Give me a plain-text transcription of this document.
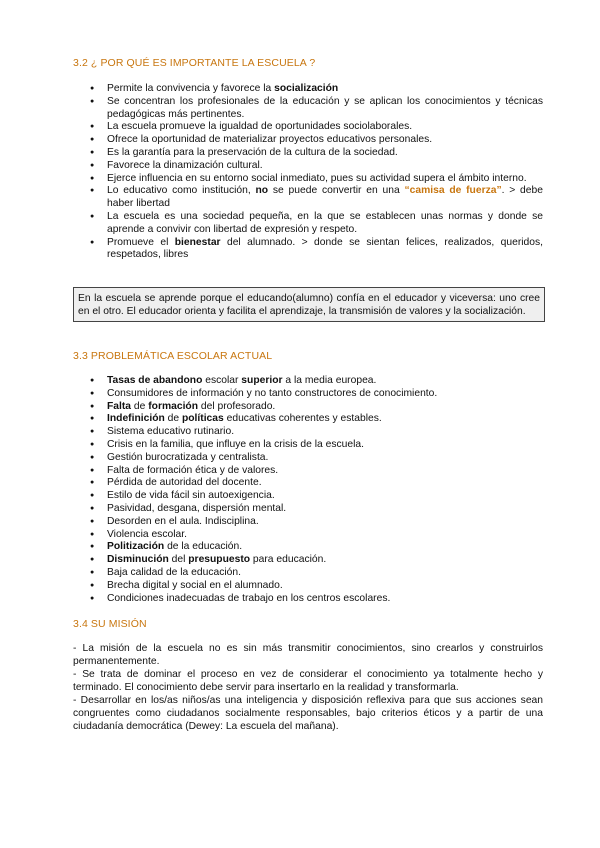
3.2 ¿ POR QUÉ ES IMPORTANTE LA ESCUELA ?
● Permite la convivencia y favorece la socialización
● Se concentran los profesionales de la educación y se aplican los conocimientos y técnicas pedagógicas más pertinentes.
● La escuela promueve la igualdad de oportunidades sociolaborales.
● Ofrece la oportunidad de materializar proyectos educativos personales.
● Es la garantía para la preservación de la cultura de la sociedad.
● Favorece la dinamización cultural.
● Ejerce influencia en su entorno social inmediato, pues su actividad supera el ámbito interno.
● Lo educativo como institución, no se puede convertir en una “camisa de fuerza”. > debe haber libertad
● La escuela es una sociedad pequeña, en la que se establecen unas normas y donde se aprende a convivir con libertad de expresión y respeto.
● Promueve el bienestar del alumnado. > donde se sientan felices, realizados, queridos, respetados, libres
En la escuela se aprende porque el educando(alumno) confía en el educador y viceversa: uno cree en el otro. El educador orienta y facilita el aprendizaje, la transmisión de valores y la socialización.
3.3 PROBLEMÁTICA ESCOLAR ACTUAL
● Tasas de abandono escolar superior a la media europea.
● Consumidores de información y no tanto constructores de conocimiento.
● Falta de formación del profesorado.
● Indefinición de políticas educativas coherentes y estables.
● Sistema educativo rutinario.
● Crisis en la familia, que influye en la crisis de la escuela.
● Gestión burocratizada y centralista.
● Falta de formación ética y de valores.
● Pérdida de autoridad del docente.
● Estilo de vida fácil sin autoexigencia.
● Pasividad, desgana, dispersión mental.
● Desorden en el aula. Indisciplina.
● Violencia escolar.
● Politización de la educación.
● Disminución del presupuesto para educación.
● Baja calidad de la educación.
● Brecha digital y social en el alumnado.
● Condiciones inadecuadas de trabajo en los centros escolares.
3.4 SU MISIÓN

- La misión de la escuela no es sin más transmitir conocimientos, sino crearlos y construirlos permanentemente.

- Se trata de dominar el proceso en vez de considerar el conocimiento ya totalmente hecho y terminado. El conocimiento debe servir para insertarlo en la realidad y transformarla.

- Desarrollar en los/as niños/as una inteligencia y disposición reflexiva para que sus acciones sean congruentes como ciudadanos socialmente responsables, bajo criterios éticos y a partir de una ciudadanía democrática (Dewey: La escuela del mañana).
